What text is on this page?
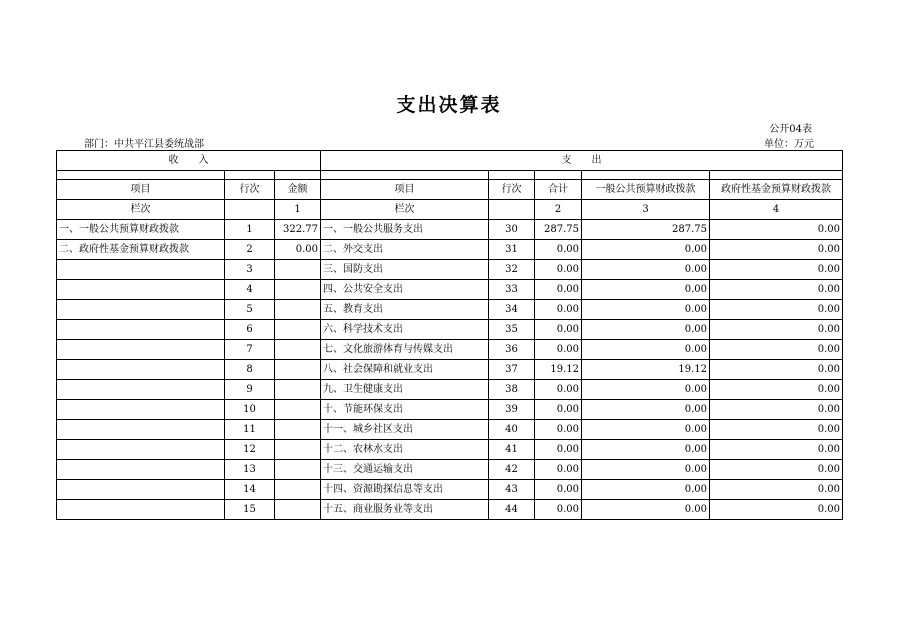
支出决算表
公开04表
部门：中共平江县委统战部	单位：万元
收　　入			支　　出				

项目	行次	金额	项目	行次	合计	一般公共预算财政拨款	政府性基金预算财政拨款
栏次		1	栏次		2	3	4
一、一般公共预算财政拨款	1	322.77	一、一般公共服务支出	30	287.75	287.75	0.00
二、政府性基金预算财政拨款	2	0.00	二、外交支出	31	0.00	0.00	0.00
	3		三、国防支出	32	0.00	0.00	0.00
	4		四、公共安全支出	33	0.00	0.00	0.00
	5		五、教育支出	34	0.00	0.00	0.00
	6		六、科学技术支出	35	0.00	0.00	0.00
	7		七、文化旅游体育与传媒支出	36	0.00	0.00	0.00
	8		八、社会保障和就业支出	37	19.12	19.12	0.00
	9		九、卫生健康支出	38	0.00	0.00	0.00
	10		十、节能环保支出	39	0.00	0.00	0.00
	11		十一、城乡社区支出	40	0.00	0.00	0.00
	12		十二、农林水支出	41	0.00	0.00	0.00
	13		十三、交通运输支出	42	0.00	0.00	0.00
	14		十四、资源勘探信息等支出	43	0.00	0.00	0.00
	15		十五、商业服务业等支出	44	0.00	0.00	0.00
